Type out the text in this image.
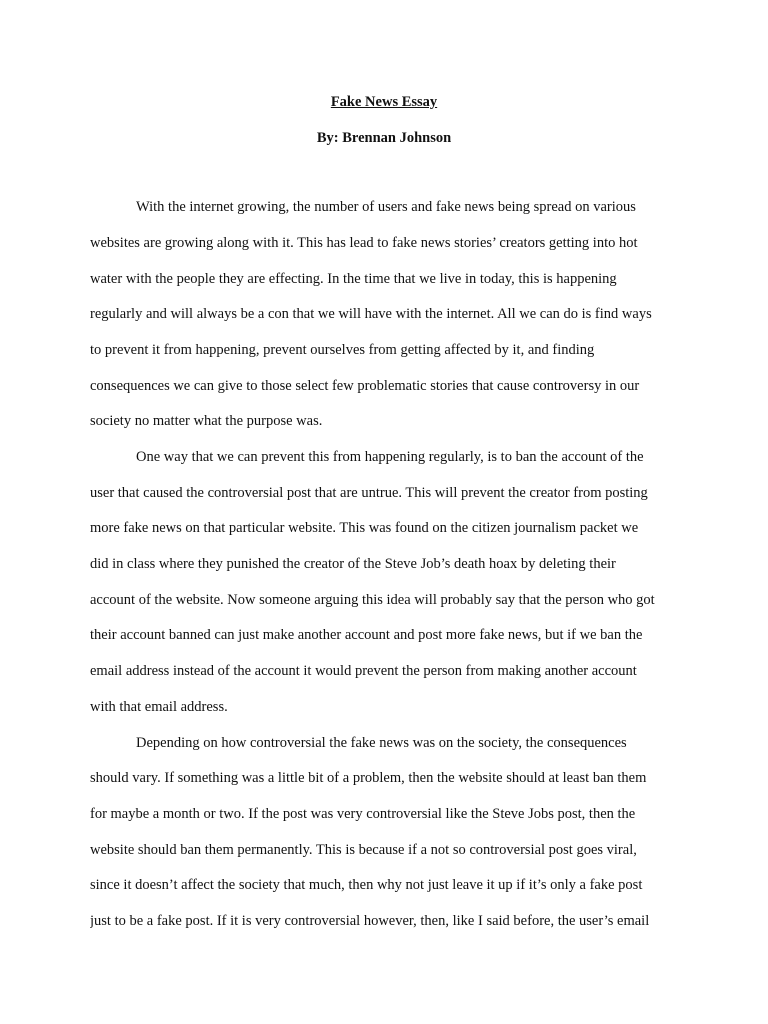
Fake News Essay
By: Brennan Johnson
With the internet growing, the number of users and fake news being spread on various
websites are growing along with it. This has lead to fake news stories’ creators getting into hot
water with the people they are effecting. In the time that we live in today, this is happening
regularly and will always be a con that we will have with the internet. All we can do is find ways
to prevent it from happening, prevent ourselves from getting affected by it, and finding
consequences we can give to those select few problematic stories that cause controversy in our
society no matter what the purpose was.
One way that we can prevent this from happening regularly, is to ban the account of the
user that caused the controversial post that are untrue. This will prevent the creator from posting
more fake news on that particular website. This was found on the citizen journalism packet we
did in class where they punished the creator of the Steve Job’s death hoax by deleting their
account of the website. Now someone arguing this idea will probably say that the person who got
their account banned can just make another account and post more fake news, but if we ban the
email address instead of the account it would prevent the person from making another account
with that email address.
Depending on how controversial the fake news was on the society, the consequences
should vary. If something was a little bit of a problem, then the website should at least ban them
for maybe a month or two. If the post was very controversial like the Steve Jobs post, then the
website should ban them permanently. This is because if a not so controversial post goes viral,
since it doesn’t affect the society that much, then why not just leave it up if it’s only a fake post
just to be a fake post. If it is very controversial however, then, like I said before, the user’s email
